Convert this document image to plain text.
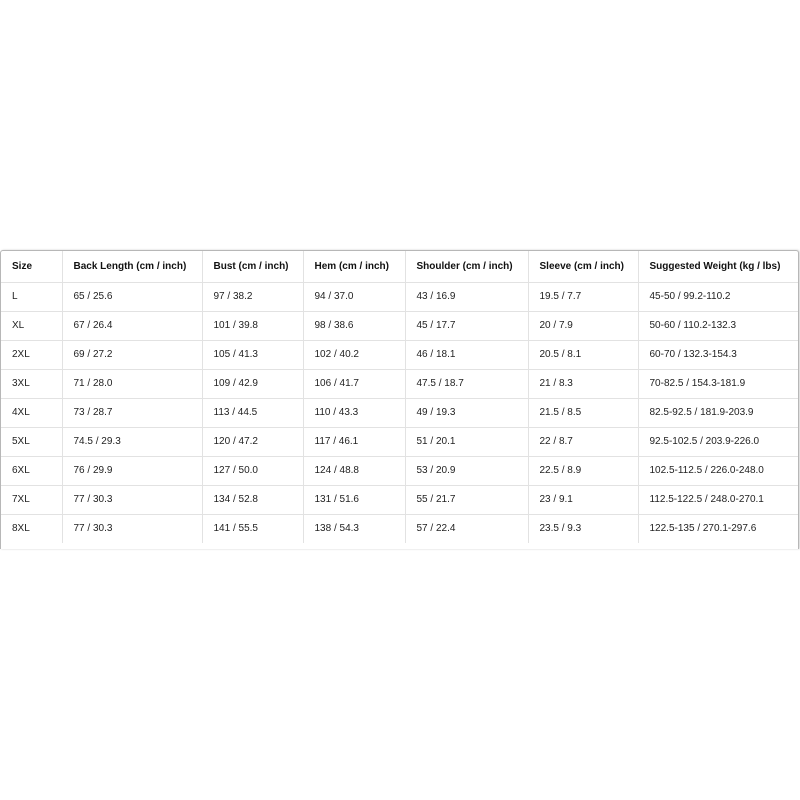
Size	Back Length (cm / inch)	Bust (cm / inch)	Hem (cm / inch)	Shoulder (cm / inch)	Sleeve (cm / inch)	Suggested Weight (kg / lbs)
L	65 / 25.6	97 / 38.2	94 / 37.0	43 / 16.9	19.5 / 7.7	45-50 / 99.2-110.2
XL	67 / 26.4	101 / 39.8	98 / 38.6	45 / 17.7	20 / 7.9	50-60 / 110.2-132.3
2XL	69 / 27.2	105 / 41.3	102 / 40.2	46 / 18.1	20.5 / 8.1	60-70 / 132.3-154.3
3XL	71 / 28.0	109 / 42.9	106 / 41.7	47.5 / 18.7	21 / 8.3	70-82.5 / 154.3-181.9
4XL	73 / 28.7	113 / 44.5	110 / 43.3	49 / 19.3	21.5 / 8.5	82.5-92.5 / 181.9-203.9
5XL	74.5 / 29.3	120 / 47.2	117 / 46.1	51 / 20.1	22 / 8.7	92.5-102.5 / 203.9-226.0
6XL	76 / 29.9	127 / 50.0	124 / 48.8	53 / 20.9	22.5 / 8.9	102.5-112.5 / 226.0-248.0
7XL	77 / 30.3	134 / 52.8	131 / 51.6	55 / 21.7	23 / 9.1	112.5-122.5 / 248.0-270.1
8XL	77 / 30.3	141 / 55.5	138 / 54.3	57 / 22.4	23.5 / 9.3	122.5-135 / 270.1-297.6
